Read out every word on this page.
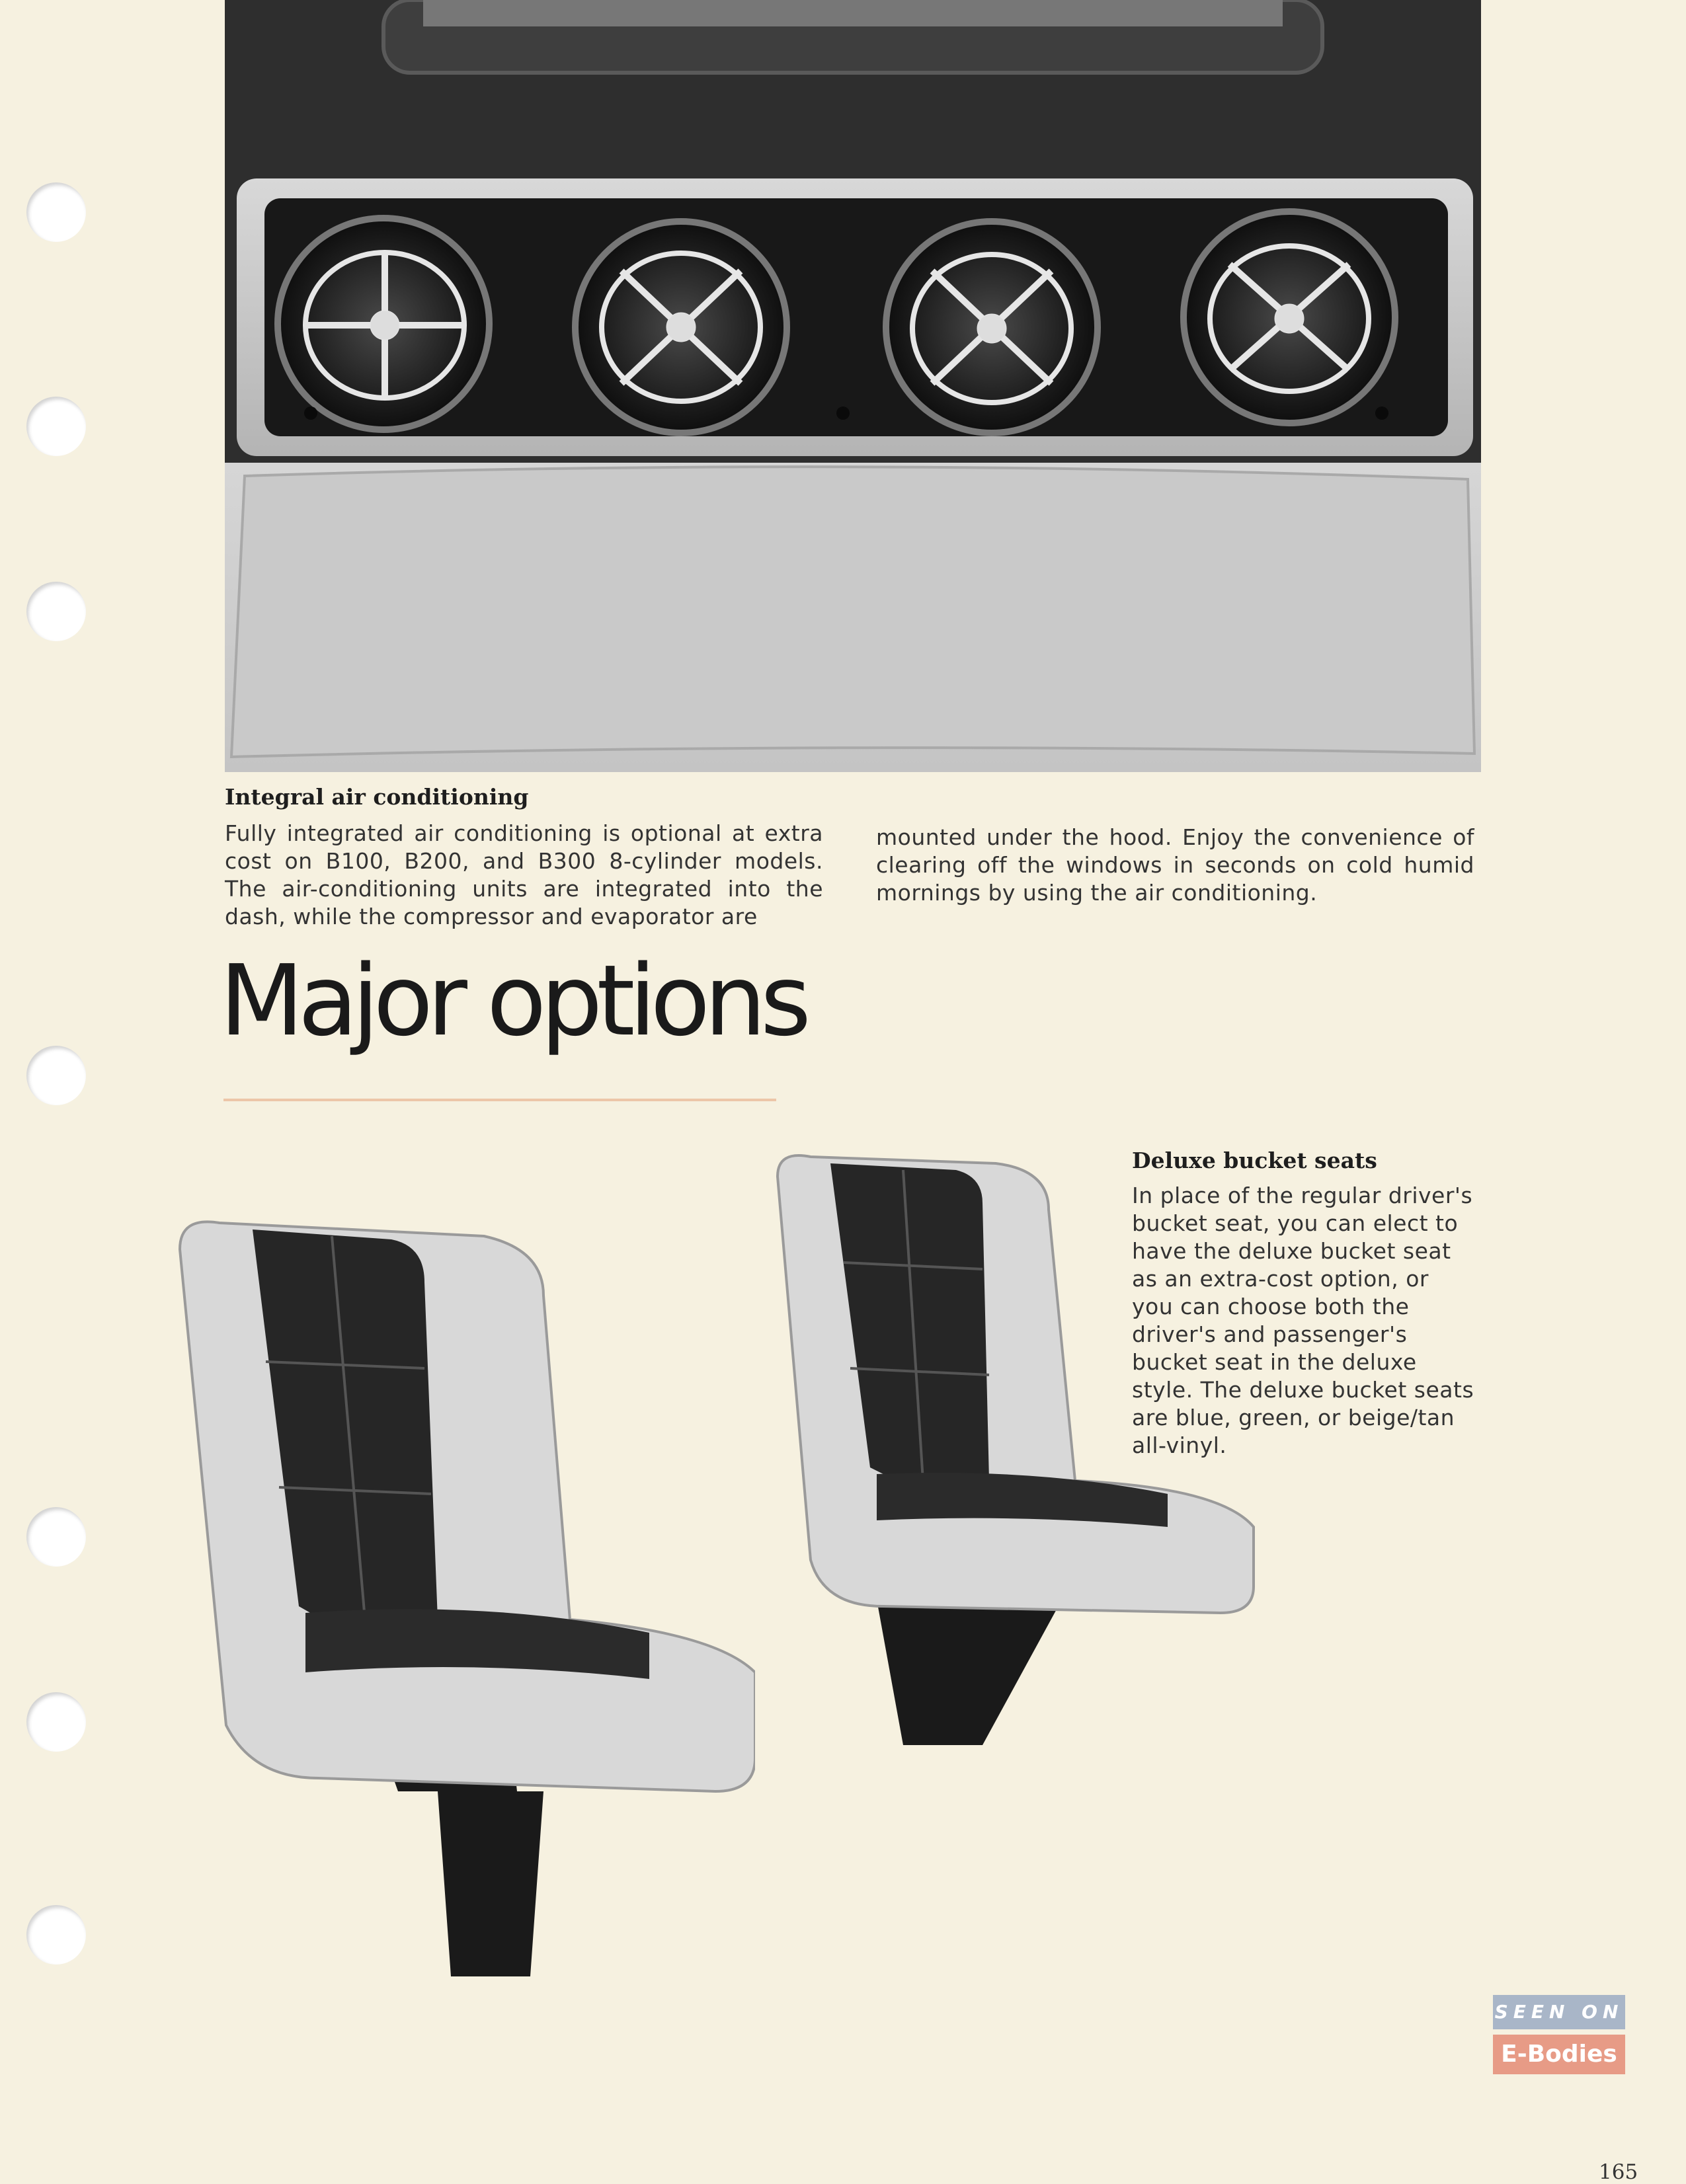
Integral air conditioning

Fully integrated air conditioning is optional at extra cost on B100, B200, and B300 8-cylinder models. The air-conditioning units are integrated into the dash, while the compressor and evaporator are

mounted under the hood. Enjoy the convenience of clearing off the windows in seconds on cold humid mornings by using the air conditioning.

Major options
Deluxe bucket seats

In place of the regular driver's bucket seat, you can elect to have the deluxe bucket seat as an extra-cost option, or you can choose both the driver's and passenger's bucket seat in the deluxe style. The deluxe bucket seats are blue, green, or beige/tan all-vinyl.

SEEN ON
E-Bodies
165
